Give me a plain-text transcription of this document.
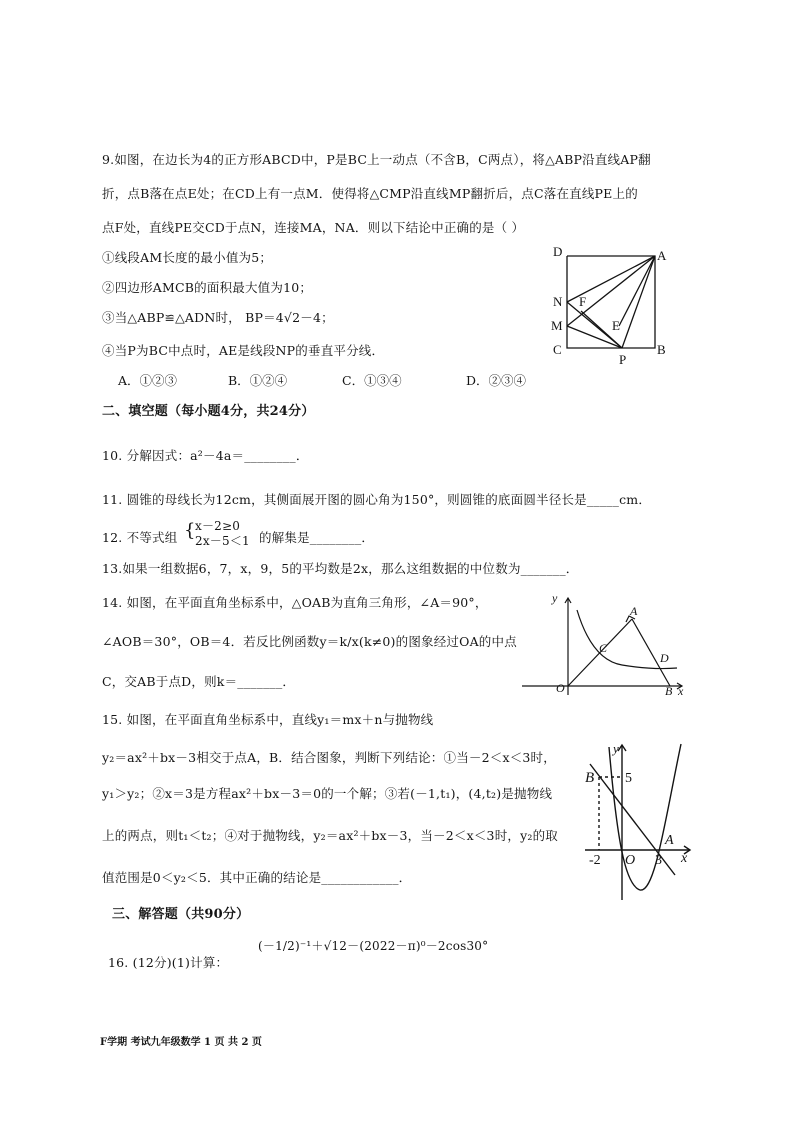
9.如图，在边长为4的正方形ABCD中，P是BC上一动点（不含B，C两点），将△ABP沿直线AP翻
折，点B落在点E处；在CD上有一点M．使得将△CMP沿直线MP翻折后，点C落在直线PE上的
点F处，直线PE交CD于点N，连接MA，NA．则以下结论中正确的是（ ）
①线段AM长度的最小值为5；
②四边形AMCB的面积最大值为10；
③当△ABP≌△ADN时， BP＝4√2－4；
④当P为BC中点时，AE是线段NP的垂直平分线．
A．①②③	B．①②④	C．①③④	D．②③④
D	A
N F
M	E
C
P
B
二、填空题（每小题4分，共24分）
10. 分解因式：a²－4a＝________．
11. 圆锥的母线长为12cm，其侧面展开图的圆心角为150°，则圆锥的底面圆半径长是_____cm．
12. 不等式组 { x－2≥0
2x－5＜1 的解集是________．
13.如果一组数据6，7，x，9，5的平均数是2x，那么这组数据的中位数为_______．
14. 如图，在平面直角坐标系中，△OAB为直角三角形，∠A＝90°，
∠AOB＝30°，OB＝4．若反比例函数y＝k/x(k≠0)的图象经过OA的中点
C，交AB于点D，则k＝_______．
y
A
C
D
O	B x
15. 如图，在平面直角坐标系中，直线y₁＝mx＋n与抛物线
y₂＝ax²＋bx－3相交于点A，B．结合图象，判断下列结论：①当－2＜x＜3时，
y₁＞y₂；②x＝3是方程ax²＋bx－3＝0的一个解；③若(－1,t₁)，(4,t₂)是抛物线
上的两点，则t₁＜t₂；④对于抛物线，y₂＝ax²＋bx－3，当－2＜x＜3时，y₂的取
值范围是0＜y₂＜5．其中正确的结论是____________．
y
B 5
A
-2 O 3 x
三、解答题（共90分）
16. (12分)(1)计算：
(－1/2)⁻¹＋√12－(2022－π)⁰－2cos30°
F学期 考试九年级数学 1 页 共 2 页
